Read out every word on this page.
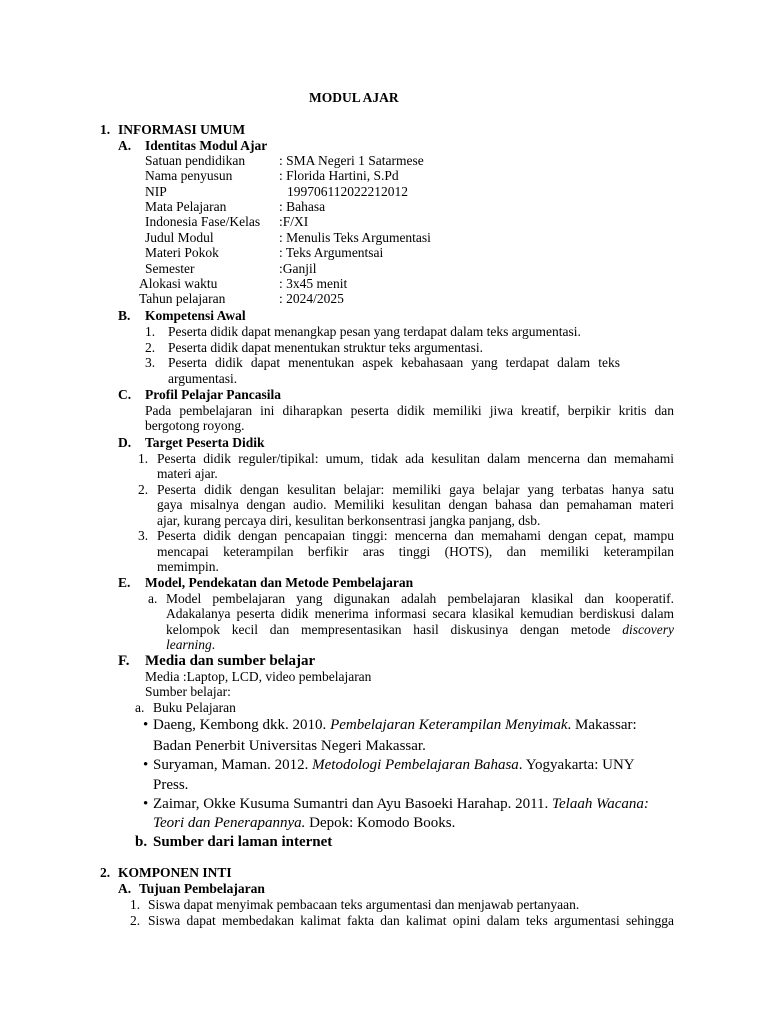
MODUL AJAR
1. INFORMASI UMUM
A. Identitas Modul Ajar
Satuan pendidikan	: SMA Negeri 1 Satarmese
Nama penyusun	: Florida Hartini, S.Pd
NIP	199706112022212012
Mata Pelajaran	: Bahasa
Indonesia Fase/Kelas :F/XI
Judul Modul	: Menulis Teks Argumentasi
Materi Pokok	: Teks Argumentsai
Semester	:Ganjil
Alokasi waktu	: 3x45 menit
Tahun pelajaran	: 2024/2025
B. Kompetensi Awal
1. Peserta didik dapat menangkap pesan yang terdapat dalam teks argumentasi.
2. Peserta didik dapat menentukan struktur teks argumentasi.
3. Peserta didik dapat menentukan aspek kebahasaan yang terdapat dalam teks
argumentasi.
C. Profil Pelajar Pancasila
Pada pembelajaran ini diharapkan peserta didik memiliki jiwa kreatif, berpikir kritis dan
bergotong royong.
D. Target Peserta Didik
1. Peserta didik reguler/tipikal: umum, tidak ada kesulitan dalam mencerna dan memahami
materi ajar.
2. Peserta didik dengan kesulitan belajar: memiliki gaya belajar yang terbatas hanya satu
gaya misalnya dengan audio. Memiliki kesulitan dengan bahasa dan pemahaman materi
ajar, kurang percaya diri, kesulitan berkonsentrasi jangka panjang, dsb.
3. Peserta didik dengan pencapaian tinggi: mencerna dan memahami dengan cepat, mampu
mencapai keterampilan berfikir aras tinggi (HOTS), dan memiliki keterampilan
memimpin.
E. Model, Pendekatan dan Metode Pembelajaran
a. Model pembelajaran yang digunakan adalah pembelajaran klasikal dan kooperatif.
Adakalanya peserta didik menerima informasi secara klasikal kemudian berdiskusi dalam
kelompok kecil dan mempresentasikan hasil diskusinya dengan metode discovery
learning.
F. Media dan sumber belajar
Media :Laptop, LCD, video pembelajaran
Sumber belajar:
a. Buku Pelajaran
• Daeng, Kembong dkk. 2010. Pembelajaran Keterampilan Menyimak. Makassar:
Badan Penerbit Universitas Negeri Makassar.
• Suryaman, Maman. 2012. Metodologi Pembelajaran Bahasa. Yogyakarta: UNY
Press.
• Zaimar, Okke Kusuma Sumantri dan Ayu Basoeki Harahap. 2011. Telaah Wacana:
Teori dan Penerapannya. Depok: Komodo Books.
b. Sumber dari laman internet
2. KOMPONEN INTI
A. Tujuan Pembelajaran
1. Siswa dapat menyimak pembacaan teks argumentasi dan menjawab pertanyaan.
2. Siswa dapat membedakan kalimat fakta dan kalimat opini dalam teks argumentasi sehingga
